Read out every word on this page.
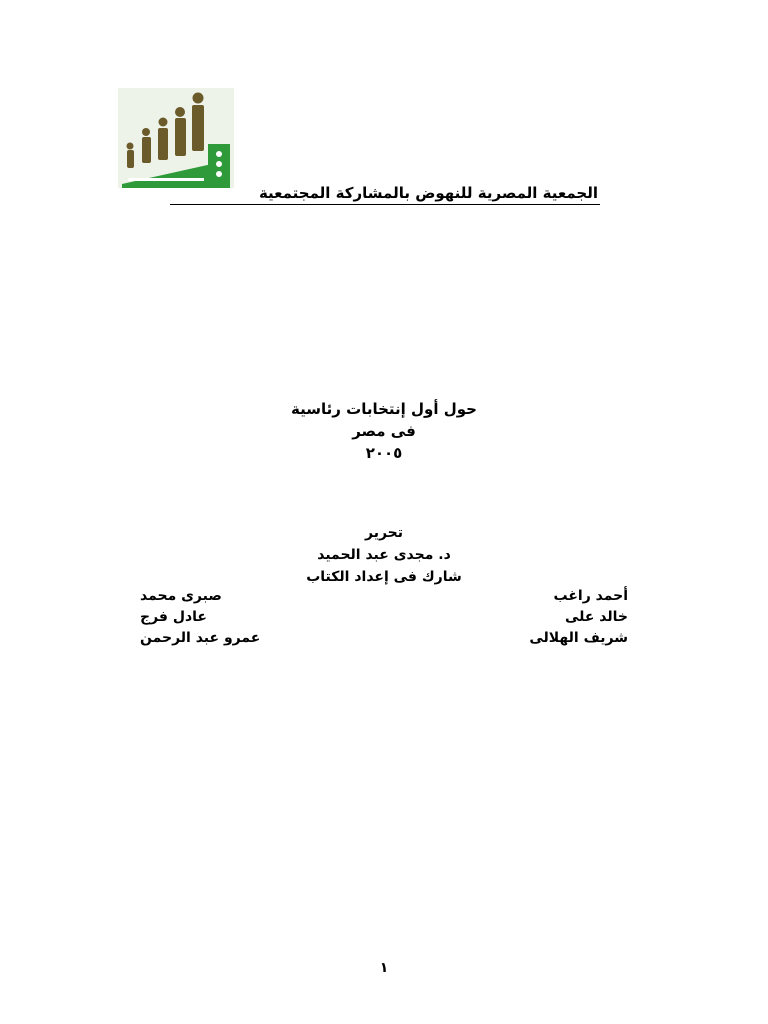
الجمعية المصرية للنهوض بالمشاركة المجتمعية
حول أول إنتخابات رئاسية
فى مصر
٢٠٠٥
تحرير
د. مجدى عبد الحميد
شارك فى إعداد الكتاب
أحمد راغب
خالد على
شريف الهلالى
صبرى محمد
عادل فرج
عمرو عبد الرحمن
١
